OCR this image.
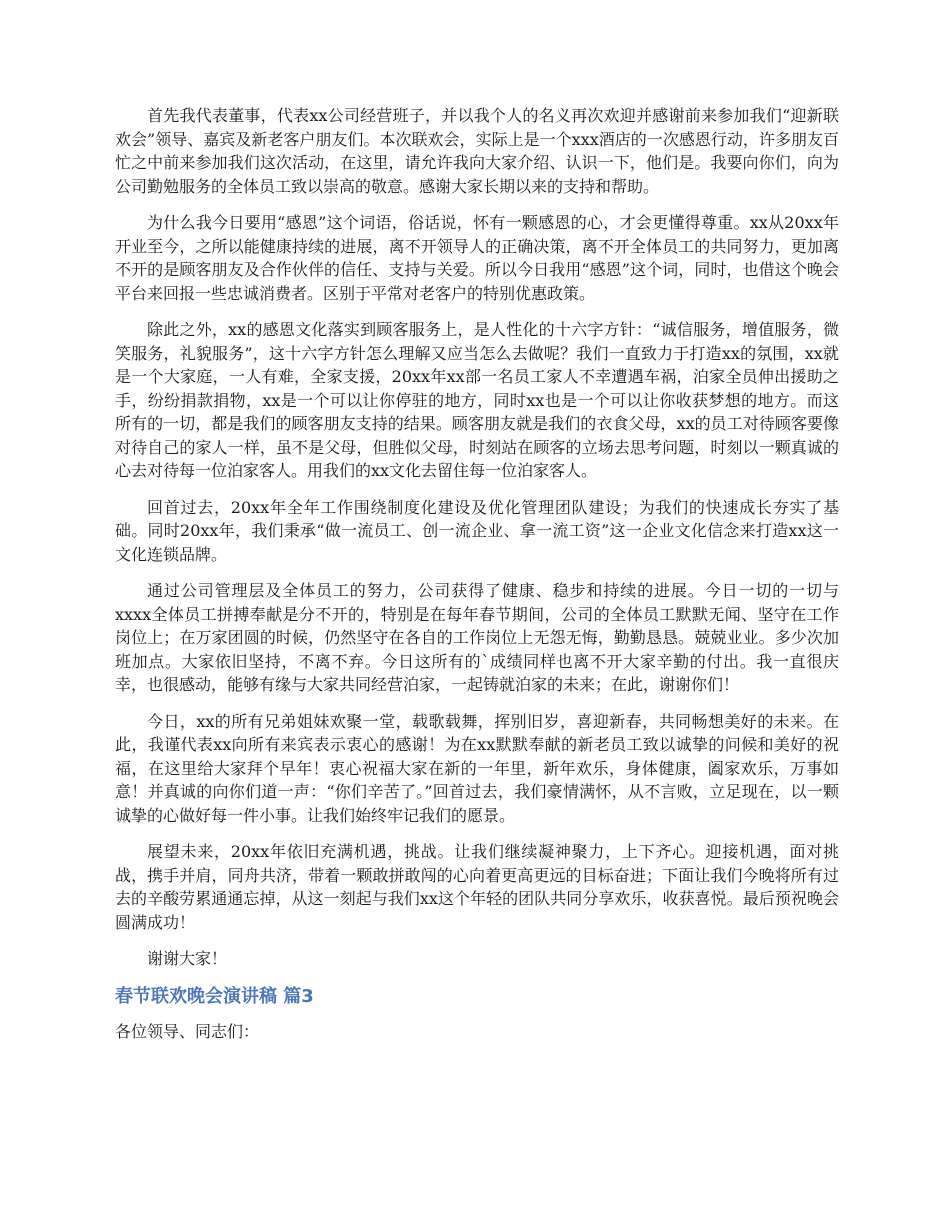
首先我代表董事，代表xx公司经营班子，并以我个人的名义再次欢迎并感谢前来参加我们“迎新联欢会”领导、嘉宾及新老客户朋友们。本次联欢会，实际上是一个xxx酒店的一次感恩行动，许多朋友百忙之中前来参加我们这次活动，在这里，请允许我向大家介绍、认识一下，他们是。我要向你们，向为公司勤勉服务的全体员工致以崇高的敬意。感谢大家长期以来的支持和帮助。

为什么我今日要用“感恩”这个词语，俗话说，怀有一颗感恩的心，才会更懂得尊重。xx从20xx年开业至今，之所以能健康持续的进展，离不开领导人的正确决策，离不开全体员工的共同努力，更加离不开的是顾客朋友及合作伙伴的信任、支持与关爱。所以今日我用“感恩”这个词，同时，也借这个晚会平台来回报一些忠诚消费者。区别于平常对老客户的特别优惠政策。

除此之外，xx的感恩文化落实到顾客服务上，是人性化的十六字方针：“诚信服务，增值服务，微笑服务，礼貌服务”，这十六字方针怎么理解又应当怎么去做呢？我们一直致力于打造xx的氛围，xx就是一个大家庭，一人有难，全家支援，20xx年xx部一名员工家人不幸遭遇车祸，泊家全员伸出援助之手，纷纷捐款捐物，xx是一个可以让你停驻的地方，同时xx也是一个可以让你收获梦想的地方。而这所有的一切，都是我们的顾客朋友支持的结果。顾客朋友就是我们的衣食父母，xx的员工对待顾客要像对待自己的家人一样，虽不是父母，但胜似父母，时刻站在顾客的立场去思考问题，时刻以一颗真诚的心去对待每一位泊家客人。用我们的xx文化去留住每一位泊家客人。

回首过去，20xx年全年工作围绕制度化建设及优化管理团队建设；为我们的快速成长夯实了基础。同时20xx年，我们秉承“做一流员工、创一流企业、拿一流工资”这一企业文化信念来打造xx这一文化连锁品牌。

通过公司管理层及全体员工的努力，公司获得了健康、稳步和持续的进展。今日一切的一切与xxxx全体员工拼搏奉献是分不开的，特别是在每年春节期间，公司的全体员工默默无闻、坚守在工作岗位上；在万家团圆的时候，仍然坚守在各自的工作岗位上无怨无悔，勤勤恳恳。兢兢业业。多少次加班加点。大家依旧坚持，不离不弃。今日这所有的`成绩同样也离不开大家辛勤的付出。我一直很庆幸，也很感动，能够有缘与大家共同经营泊家，一起铸就泊家的未来；在此，谢谢你们！

今日，xx的所有兄弟姐妹欢聚一堂，载歌载舞，挥别旧岁，喜迎新春，共同畅想美好的未来。在此，我谨代表xx向所有来宾表示衷心的感谢！为在xx默默奉献的新老员工致以诚挚的问候和美好的祝福，在这里给大家拜个早年！衷心祝福大家在新的一年里，新年欢乐，身体健康，阖家欢乐，万事如意！并真诚的向你们道一声：“你们辛苦了。”回首过去，我们豪情满怀，从不言败，立足现在，以一颗诚挚的心做好每一件小事。让我们始终牢记我们的愿景。

展望未来，20xx年依旧充满机遇，挑战。让我们继续凝神聚力，上下齐心。迎接机遇，面对挑战，携手并肩，同舟共济，带着一颗敢拼敢闯的心向着更高更远的目标奋进；下面让我们今晚将所有过去的辛酸劳累通通忘掉，从这一刻起与我们xx这个年轻的团队共同分享欢乐，收获喜悦。最后预祝晚会圆满成功！

谢谢大家！

春节联欢晚会演讲稿 篇3

各位领导、同志们：
